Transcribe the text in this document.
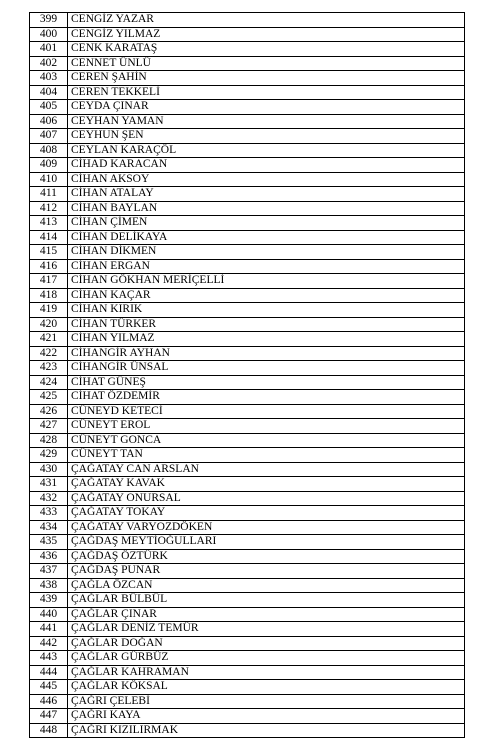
399	CENGİZ YAZAR
400	CENGİZ YILMAZ
401	CENK KARATAŞ
402	CENNET ÜNLÜ
403	CEREN ŞAHİN
404	CEREN TEKKELİ
405	CEYDA ÇINAR
406	CEYHAN YAMAN
407	CEYHUN ŞEN
408	CEYLAN KARAÇÖL
409	CİHAD KARACAN
410	CİHAN AKSOY
411	CİHAN ATALAY
412	CİHAN BAYLAN
413	CİHAN ÇİMEN
414	CİHAN DELİKAYA
415	CİHAN DİKMEN
416	CİHAN ERGAN
417	CİHAN GÖKHAN MERİÇELLİ
418	CİHAN KAÇAR
419	CİHAN KIRIK
420	CİHAN TÜRKER
421	CİHAN YILMAZ
422	CİHANGİR AYHAN
423	CİHANGİR ÜNSAL
424	CİHAT GÜNEŞ
425	CİHAT ÖZDEMİR
426	CÜNEYD KETECİ
427	CÜNEYT EROL
428	CÜNEYT GONCA
429	CÜNEYT TAN
430	ÇAĞATAY CAN ARSLAN
431	ÇAĞATAY KAVAK
432	ÇAĞATAY ONURSAL
433	ÇAĞATAY TOKAY
434	ÇAĞATAY VARYOZDÖKEN
435	ÇAĞDAŞ MEYTİOĞULLARI
436	ÇAĞDAŞ ÖZTÜRK
437	ÇAĞDAŞ PUNAR
438	ÇAĞLA ÖZCAN
439	ÇAĞLAR BÜLBÜL
440	ÇAĞLAR ÇINAR
441	ÇAĞLAR DENİZ TEMÜR
442	ÇAĞLAR DOĞAN
443	ÇAĞLAR GÜRBÜZ
444	ÇAĞLAR KAHRAMAN
445	ÇAĞLAR KÖKSAL
446	ÇAĞRI ÇELEBİ
447	ÇAĞRI KAYA
448	ÇAĞRI KIZILIRMAK
